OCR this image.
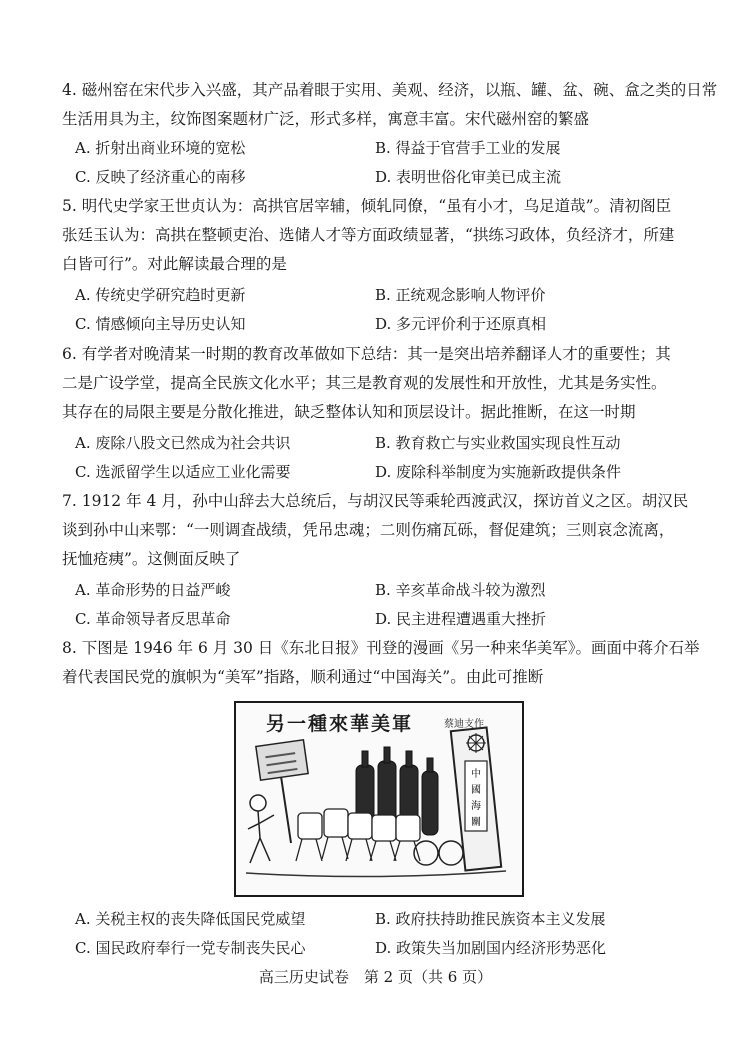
4. 磁州窑在宋代步入兴盛，其产品着眼于实用、美观、经济，以瓶、罐、盆、碗、盒之类的日常

生活用具为主，纹饰图案题材广泛，形式多样，寓意丰富。宋代磁州窑的繁盛

A. 折射出商业环境的宽松	B. 得益于官营手工业的发展
C. 反映了经济重心的南移	D. 表明世俗化审美已成主流

5. 明代史学家王世贞认为：高拱官居宰辅，倾轧同僚，“虽有小才，乌足道哉”。清初阁臣

张廷玉认为：高拱在整顿吏治、选储人才等方面政绩显著，“拱练习政体，负经济才，所建

白皆可行”。对此解读最合理的是

A. 传统史学研究趋时更新	B. 正统观念影响人物评价
C. 情感倾向主导历史认知	D. 多元评价利于还原真相

6. 有学者对晚清某一时期的教育改革做如下总结：其一是突出培养翻译人才的重要性；其

二是广设学堂，提高全民族文化水平；其三是教育观的发展性和开放性，尤其是务实性。

其存在的局限主要是分散化推进，缺乏整体认知和顶层设计。据此推断，在这一时期

A. 废除八股文已然成为社会共识	B. 教育救亡与实业救国实现良性互动
C. 选派留学生以适应工业化需要	D. 废除科举制度为实施新政提供条件

7. 1912 年 4 月，孙中山辞去大总统后，与胡汉民等乘轮西渡武汉，探访首义之区。胡汉民

谈到孙中山来鄂：“一则调査战绩，凭吊忠魂；二则伤痛瓦砾，督促建筑；三则哀念流离，

抚恤疮痍”。这侧面反映了

A. 革命形势的日益严峻	B. 辛亥革命战斗较为激烈
C. 革命领导者反思革命	D. 民主进程遭遇重大挫折

8. 下图是 1946 年 6 月 30 日《东北日报》刊登的漫画《另一种来华美军》。画面中蒋介石举

着代表国民党的旗帜为“美军”指路，顺利通过“中国海关”。由此可推断

中
國
海
關
另一種來華美軍	蔡迪支作
A. 关税主权的丧失降低国民党威望	B. 政府扶持助推民族资本主义发展
C. 国民政府奉行一党专制丧失民心	D. 政策失当加剧国内经济形势恶化
高三历史试卷　第 2 页（共 6 页）
